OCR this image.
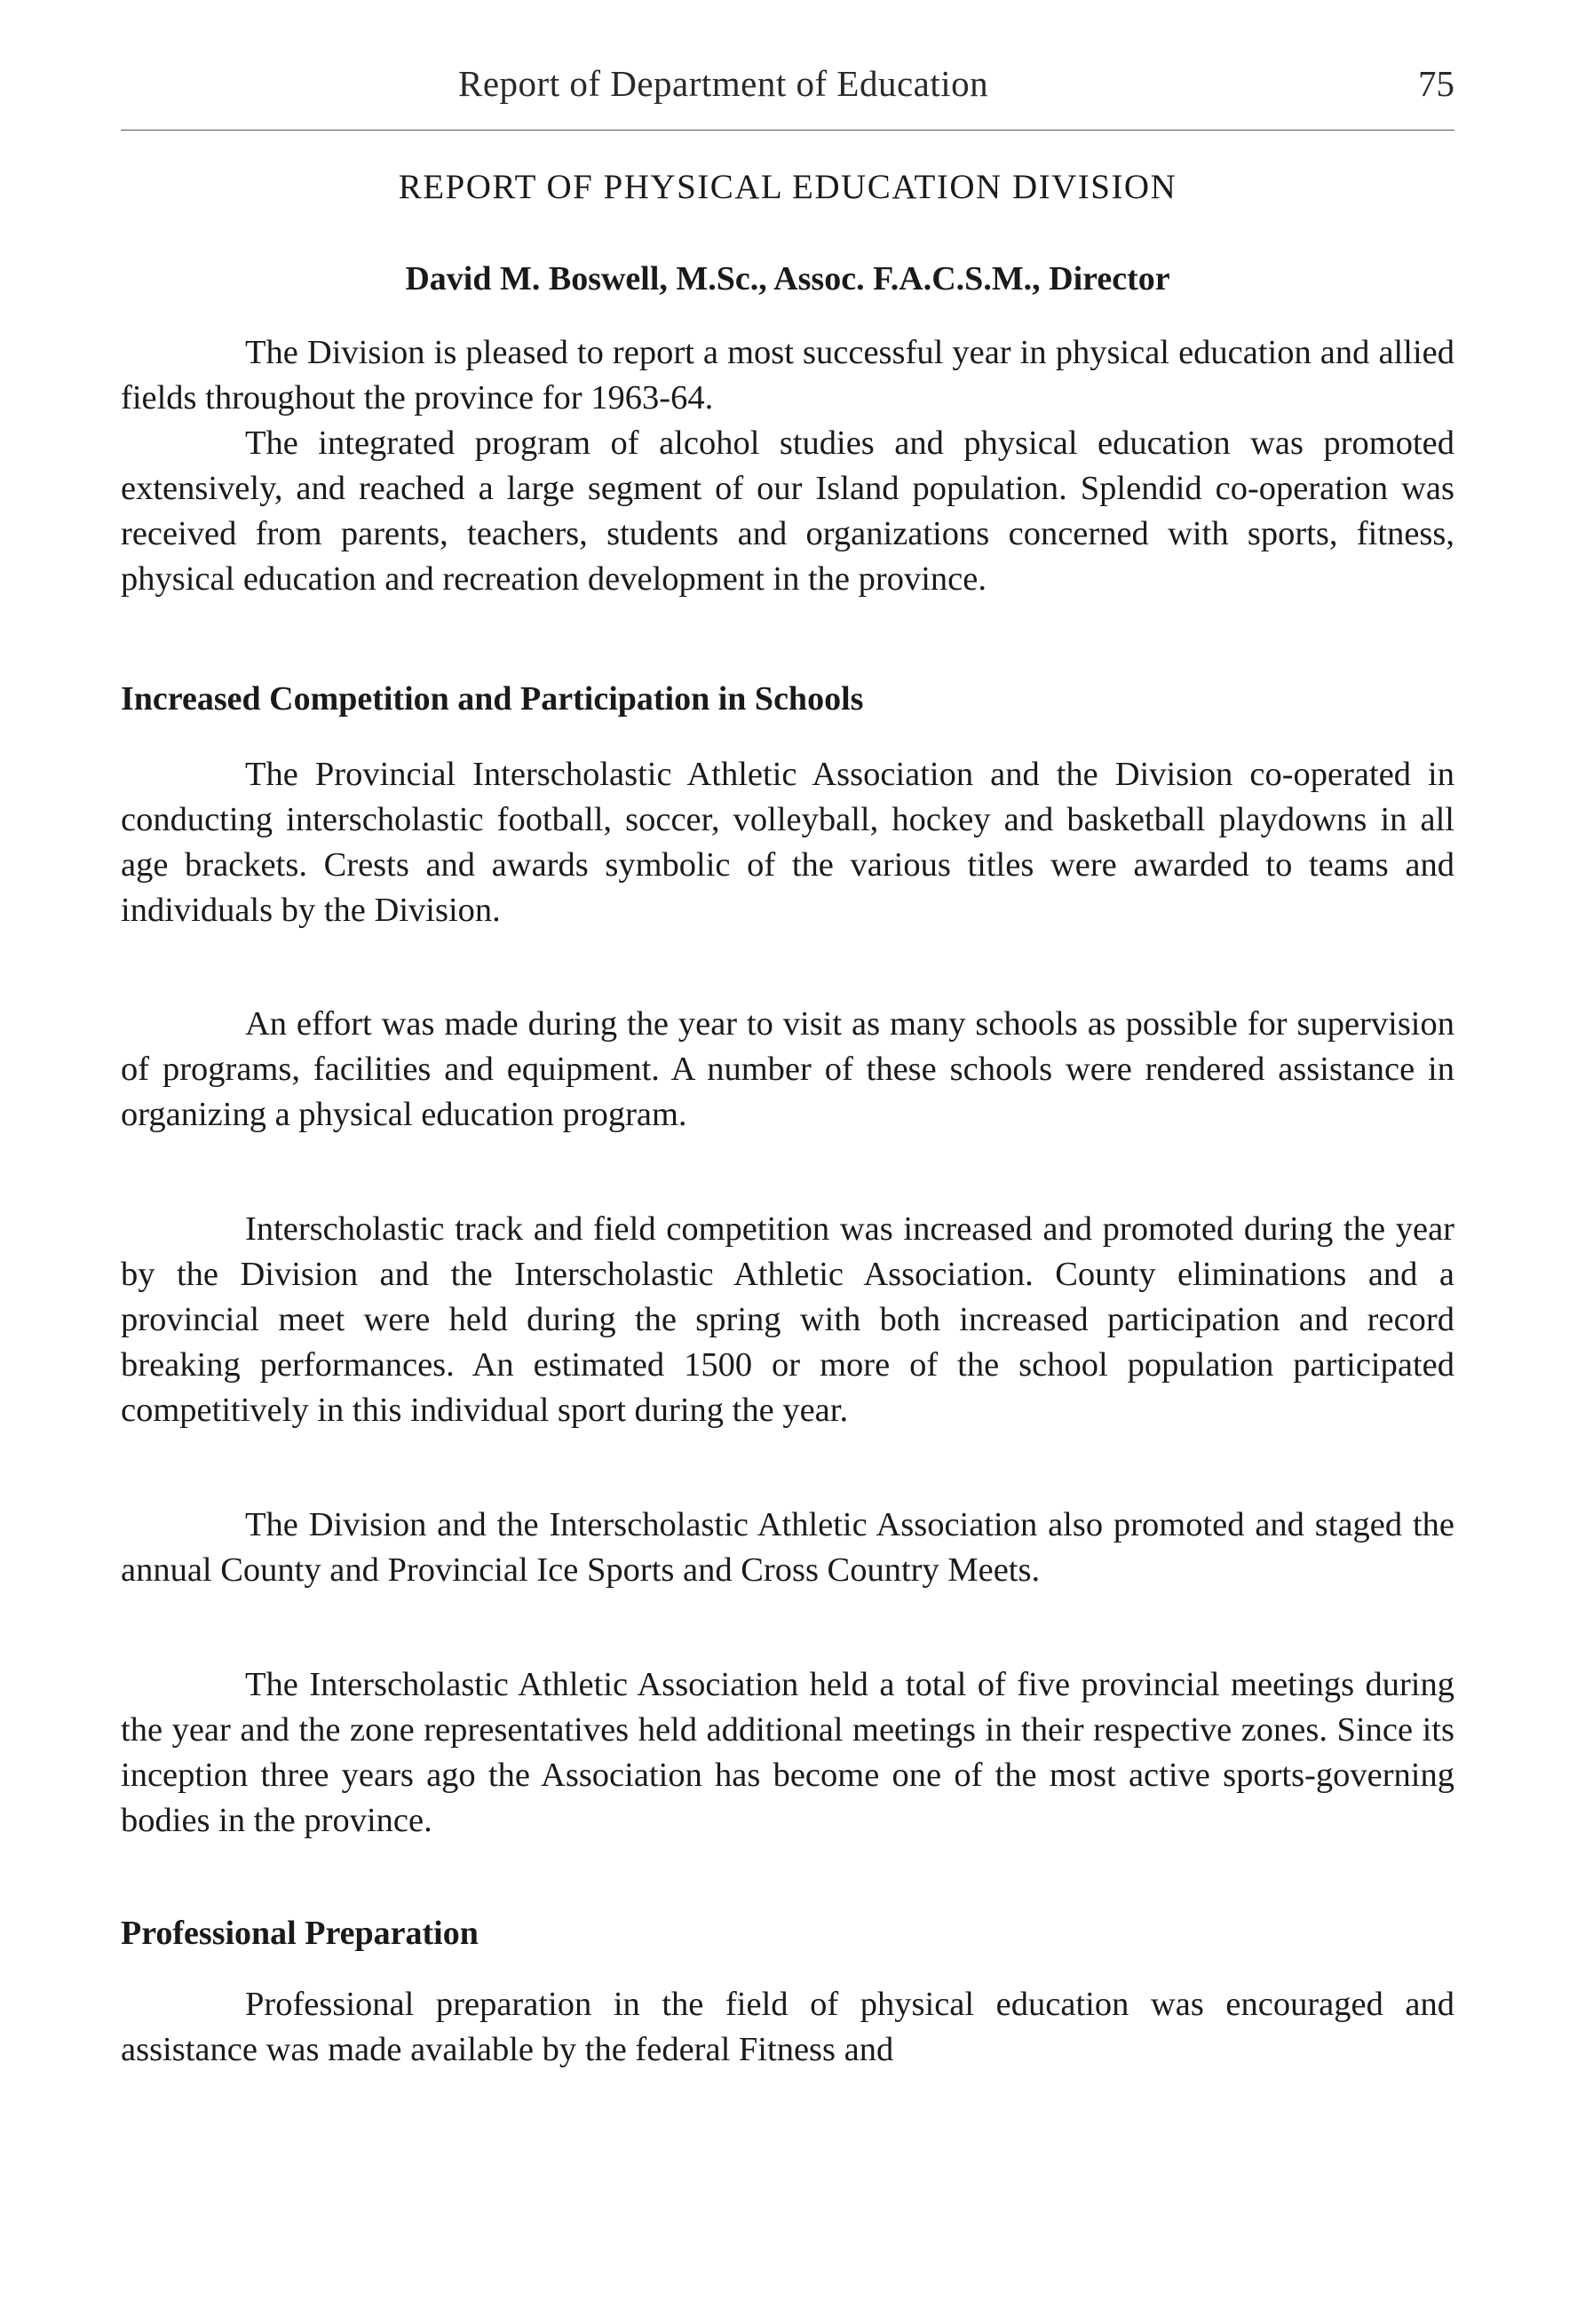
Report of Department of Education	75
REPORT OF PHYSICAL EDUCATION DIVISION
David M. Boswell, M.Sc., Assoc. F.A.C.S.M., Director

The Division is pleased to report a most successful year in physical education and allied fields throughout the province for 1963-64.

The integrated program of alcohol studies and physical education was promoted extensively, and reached a large segment of our Island population. Splendid co-operation was received from parents, teachers, students and organizations concerned with sports, fitness, physical education and recreation development in the province.

Increased Competition and Participation in Schools

The Provincial Interscholastic Athletic Association and the Division co-operated in conducting interscholastic football, soccer, volleyball, hockey and basketball playdowns in all age brackets. Crests and awards symbolic of the various titles were awarded to teams and individuals by the Division.

An effort was made during the year to visit as many schools as possible for supervision of programs, facilities and equipment. A number of these schools were rendered assistance in organizing a physical education program.

Interscholastic track and field competition was increased and promoted during the year by the Division and the Interscholastic Athletic Association. County eliminations and a provincial meet were held during the spring with both increased participation and record breaking performances. An estimated 1500 or more of the school population participated competitively in this individual sport during the year.

The Division and the Interscholastic Athletic Association also promoted and staged the annual County and Provincial Ice Sports and Cross Country Meets.

The Interscholastic Athletic Association held a total of five provincial meetings during the year and the zone representatives held additional meetings in their respective zones. Since its inception three years ago the Association has become one of the most active sports-governing bodies in the province.

Professional Preparation

Professional preparation in the field of physical education was encouraged and assistance was made available by the federal Fitness and
